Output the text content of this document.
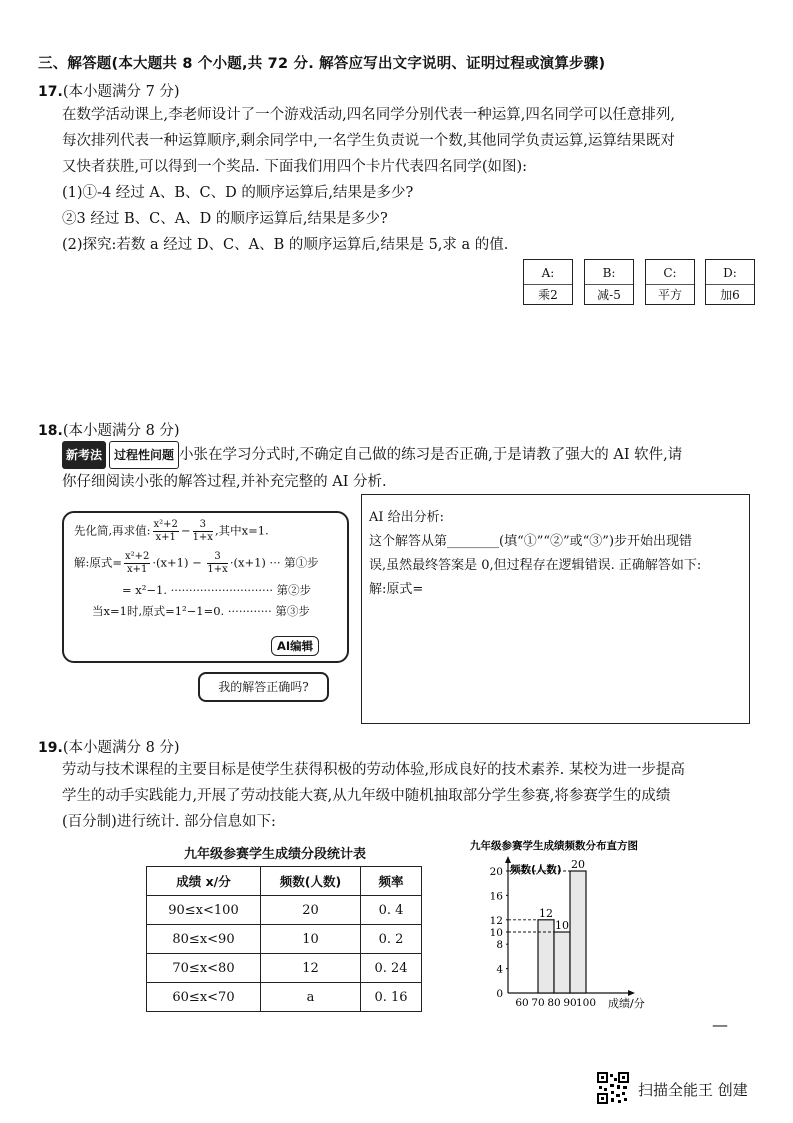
三、解答题(本大题共 8 个小题,共 72 分. 解答应写出文字说明、证明过程或演算步骤)
17.(本小题满分 7 分)
在数学活动课上,李老师设计了一个游戏活动,四名同学分别代表一种运算,四名同学可以任意排列,
每次排列代表一种运算顺序,剩余同学中,一名学生负责说一个数,其他同学负责运算,运算结果既对
又快者获胜,可以得到一个奖品. 下面我们用四个卡片代表四名同学(如图):
(1)①-4 经过 A、B、C、D 的顺序运算后,结果是多少?
②3 经过 B、C、A、D 的顺序运算后,结果是多少?
(2)探究:若数 a 经过 D、C、A、B 的顺序运算后,结果是 5,求 a 的值.
A:
乘2
B:
减-5
C:
平方
D:
加6
18.(本小题满分 8 分)
新考法 过程性问题 小张在学习分式时,不确定自己做的练习是否正确,于是请教了强大的 AI 软件,请
你仔细阅读小张的解答过程,并补充完整的 AI 分析.
先化简,再求值: $\frac{\text{x²+2}}{x+1} - \frac{3}{1+x}$ ,其中x=1.
解:原式= $\frac{\text{x²+2}}{x+1} \cdot(x+1) - \frac{3}{1+x} \cdot(x+1)$ ··· 第①步
= x²−1. ···························· 第②步
当x=1时,原式=1²−1=0. ············ 第③步
AI编辑
我的解答正确吗?
AI 给出分析:
这个解答从第________(填“①”“②”或“③”)步开始出现错
误,虽然最终答案是 0,但过程存在逻辑错误. 正确解答如下:
解:原式=
19.(本小题满分 8 分)
劳动与技术课程的主要目标是使学生获得积极的劳动体验,形成良好的技术素养. 某校为进一步提高
学生的动手实践能力,开展了劳动技能大赛,从九年级中随机抽取部分学生参赛,将参赛学生的成绩
(百分制)进行统计. 部分信息如下:
九年级参赛学生成绩分段统计表
成绩 x/分	频数(人数)	频率
90≤x<100	20	0. 4
80≤x<90	10	0. 2
70≤x<80	12	0. 24
60≤x<70	a	0. 16
九年级参赛学生成绩频数分布直方图
频数(人数)
成绩/分
0
4
8
10
12
16
20
60 70 80 90 100
12
10
20
扫描全能王 创建
—
